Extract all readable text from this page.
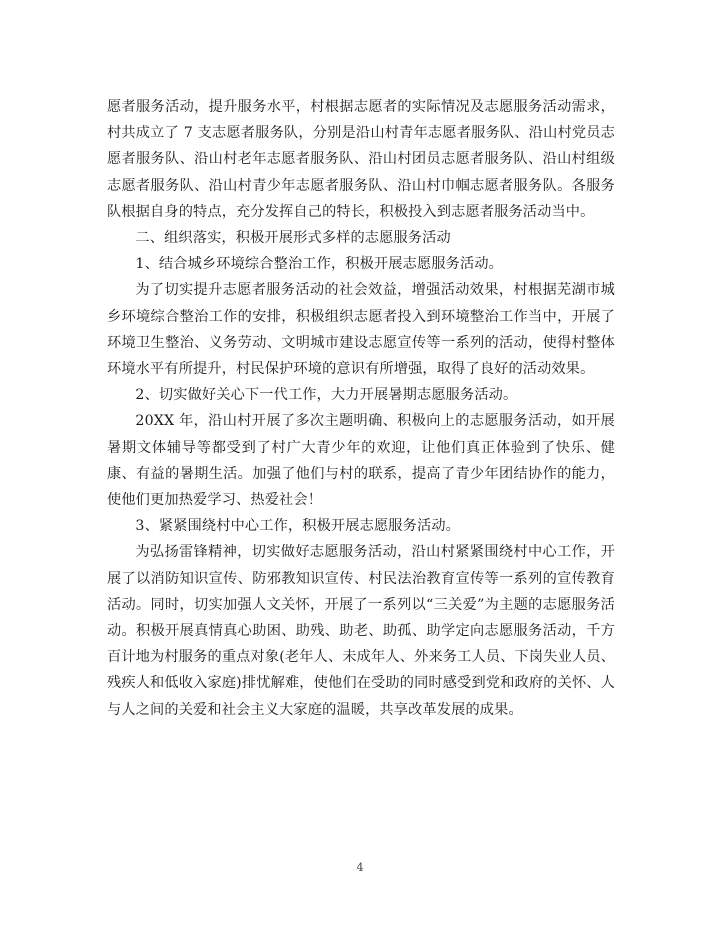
愿者服务活动，提升服务水平，村根据志愿者的实际情况及志愿服务活动需求，村共成立了 7 支志愿者服务队，分别是沿山村青年志愿者服务队、沿山村党员志愿者服务队、沿山村老年志愿者服务队、沿山村团员志愿者服务队、沿山村组级志愿者服务队、沿山村青少年志愿者服务队、沿山村巾帼志愿者服务队。各服务队根据自身的特点，充分发挥自己的特长，积极投入到志愿者服务活动当中。

二、组织落实，积极开展形式多样的志愿服务活动

1、结合城乡环境综合整治工作，积极开展志愿服务活动。

为了切实提升志愿者服务活动的社会效益，增强活动效果，村根据芜湖市城乡环境综合整治工作的安排，积极组织志愿者投入到环境整治工作当中，开展了环境卫生整治、义务劳动、文明城市建设志愿宣传等一系列的活动，使得村整体环境水平有所提升，村民保护环境的意识有所增强，取得了良好的活动效果。

2、切实做好关心下一代工作，大力开展暑期志愿服务活动。

20XX 年，沿山村开展了多次主题明确、积极向上的志愿服务活动，如开展暑期文体辅导等都受到了村广大青少年的欢迎，让他们真正体验到了快乐、健康、有益的暑期生活。加强了他们与村的联系，提高了青少年团结协作的能力，使他们更加热爱学习、热爱社会！

3、紧紧围绕村中心工作，积极开展志愿服务活动。

为弘扬雷锋精神，切实做好志愿服务活动，沿山村紧紧围绕村中心工作，开展了以消防知识宣传、防邪教知识宣传、村民法治教育宣传等一系列的宣传教育活动。同时，切实加强人文关怀，开展了一系列以“三关爱”为主题的志愿服务活动。积极开展真情真心助困、助残、助老、助孤、助学定向志愿服务活动，千方百计地为村服务的重点对象(老年人、未成年人、外来务工人员、下岗失业人员、残疾人和低收入家庭)排忧解难，使他们在受助的同时感受到党和政府的关怀、人与人之间的关爱和社会主义大家庭的温暖，共享改革发展的成果。

4
